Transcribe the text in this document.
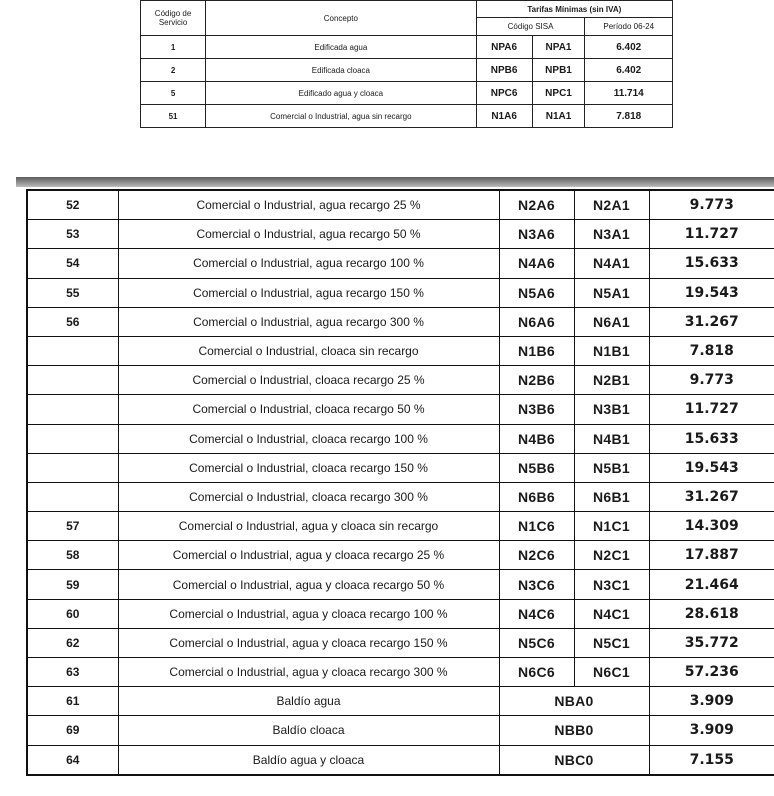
Código de Servicio	Concepto	Tarifas Mínimas (sin IVA)		
		Código SISA		Período 06-24
1	Edificada agua	NPA6	NPA1	6.402
2	Edificada cloaca	NPB6	NPB1	6.402
5	Edificado agua y cloaca	NPC6	NPC1	11.714
51	Comercial o Industrial, agua sin recargo	N1A6	N1A1	7.818
52	Comercial o Industrial, agua recargo 25 %	N2A6	N2A1	9.773
53	Comercial o Industrial, agua recargo 50 %	N3A6	N3A1	11.727
54	Comercial o Industrial, agua recargo 100 %	N4A6	N4A1	15.633
55	Comercial o Industrial, agua recargo 150 %	N5A6	N5A1	19.543
56	Comercial o Industrial, agua recargo 300 %	N6A6	N6A1	31.267
	Comercial o Industrial, cloaca sin recargo	N1B6	N1B1	7.818
	Comercial o Industrial, cloaca recargo 25 %	N2B6	N2B1	9.773
	Comercial o Industrial, cloaca recargo 50 %	N3B6	N3B1	11.727
	Comercial o Industrial, cloaca recargo 100 %	N4B6	N4B1	15.633
	Comercial o Industrial, cloaca recargo 150 %	N5B6	N5B1	19.543
	Comercial o Industrial, cloaca recargo 300 %	N6B6	N6B1	31.267
57	Comercial o Industrial, agua y cloaca sin recargo	N1C6	N1C1	14.309
58	Comercial o Industrial, agua y cloaca recargo 25 %	N2C6	N2C1	17.887
59	Comercial o Industrial, agua y cloaca recargo 50 %	N3C6	N3C1	21.464
60	Comercial o Industrial, agua y cloaca recargo 100 %	N4C6	N4C1	28.618
62	Comercial o Industrial, agua y cloaca recargo 150 %	N5C6	N5C1	35.772
63	Comercial o Industrial, agua y cloaca recargo 300 %	N6C6	N6C1	57.236
61	Baldío agua	NBA0		3.909
69	Baldío cloaca	NBB0		3.909
64	Baldío agua y cloaca	NBC0		7.155
